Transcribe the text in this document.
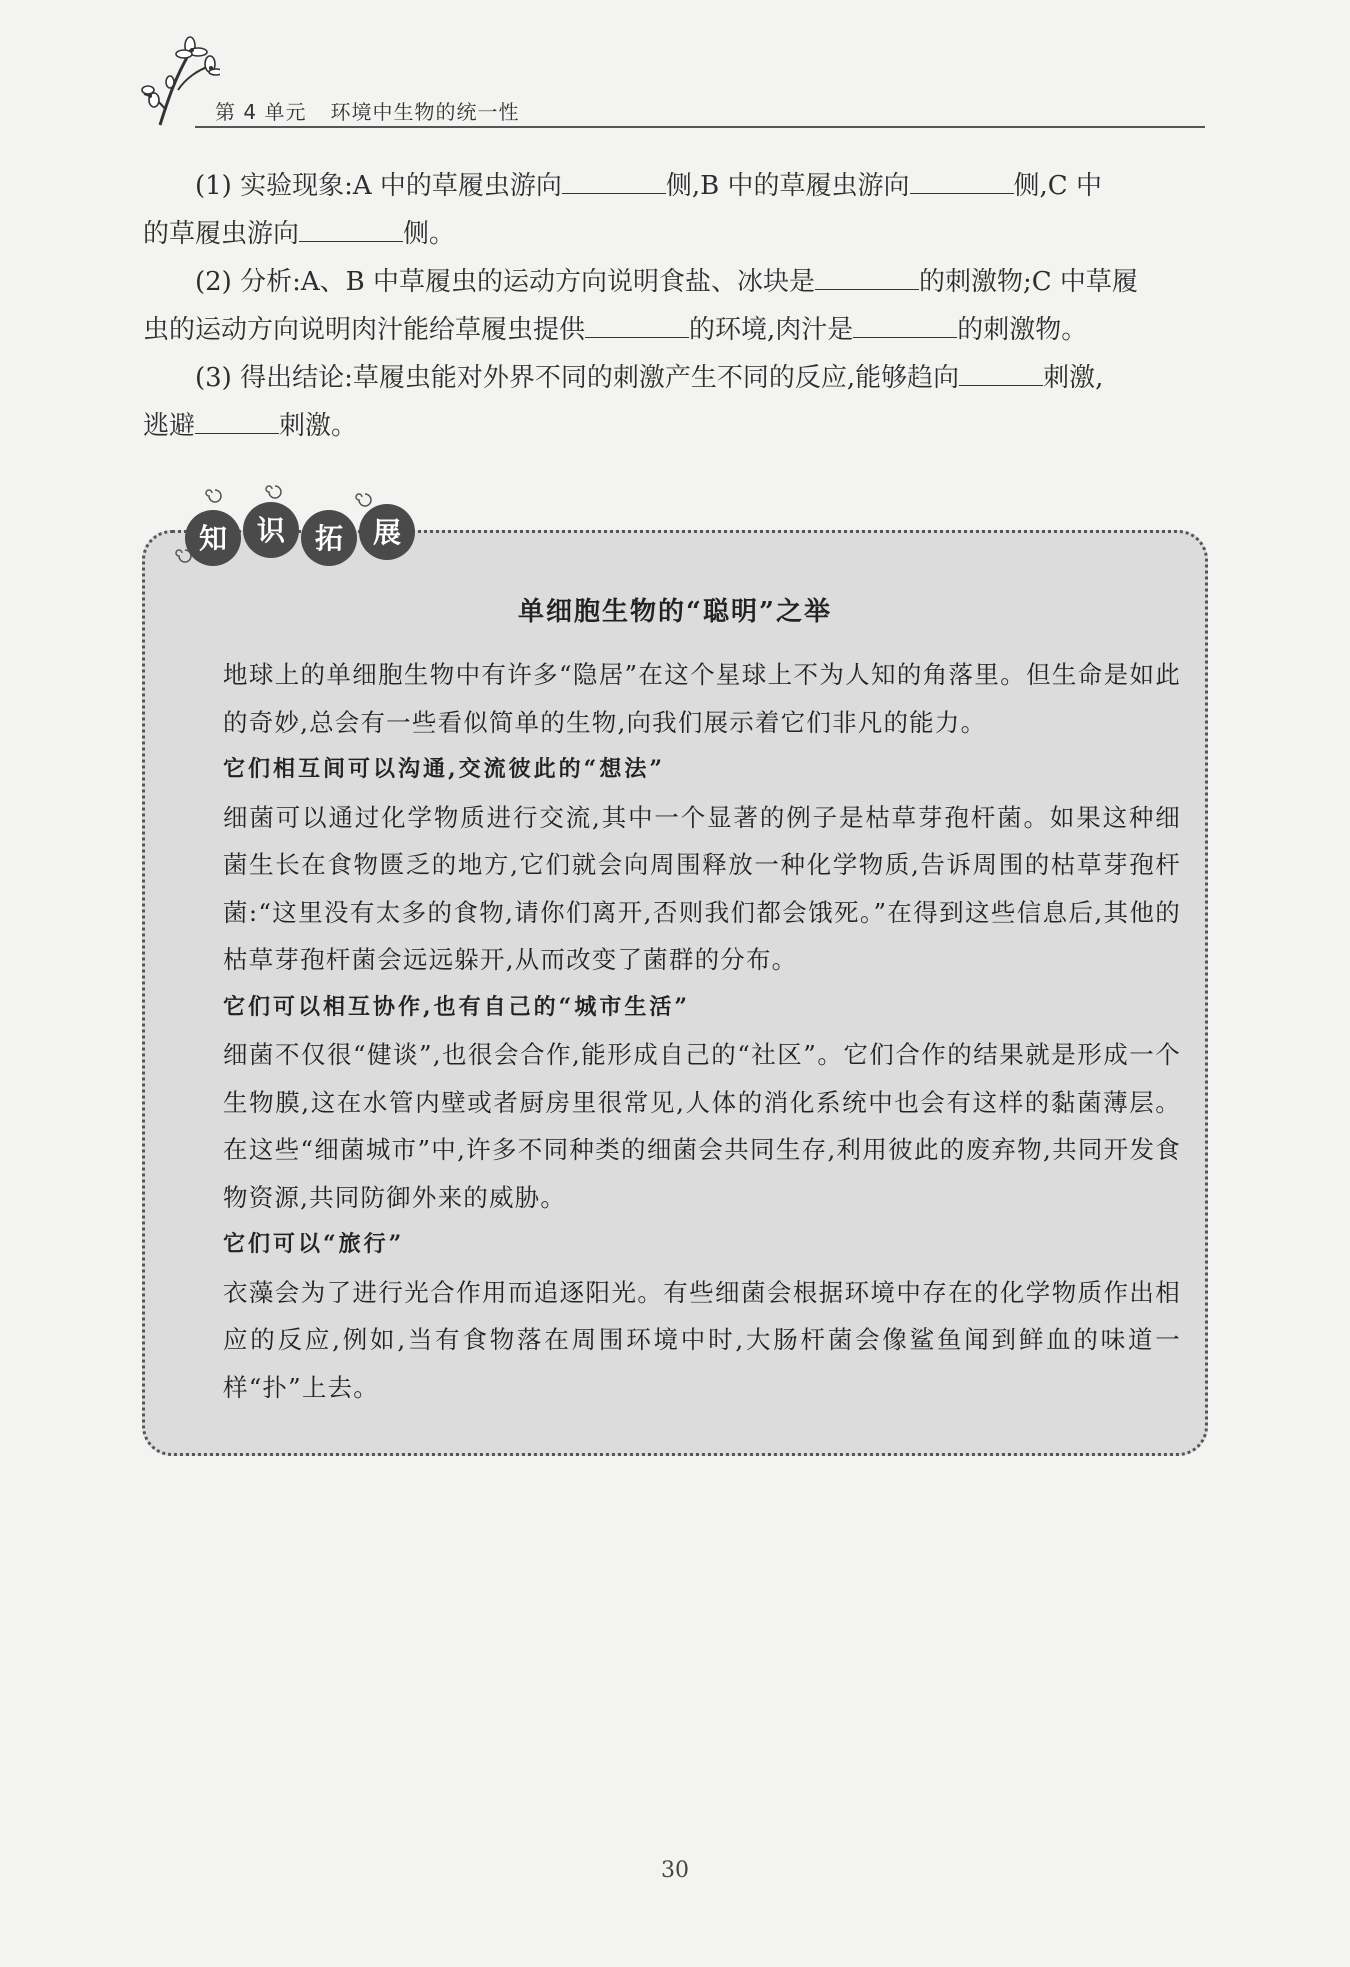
第 4 单元 环境中生物的统一性

(1) 实验现象:A 中的草履虫游向	侧,B 中的草履虫游向	侧,C 中

的草履虫游向	侧。

(2) 分析:A、B 中草履虫的运动方向说明食盐、冰块是	的刺激物;C 中草履

虫的运动方向说明肉汁能给草履虫提供	的环境,肉汁是	的刺激物。

(3) 得出结论:草履虫能对外界不同的刺激产生不同的反应,能够趋向	刺激,

逃避	刺激。

单细胞生物的“聪明”之举

地球上的单细胞生物中有许多“隐居”在这个星球上不为人知的角落里。但生命是如此的奇妙,总会有一些看似简单的生物,向我们展示着它们非凡的能力。

它们相互间可以沟通,交流彼此的“想法”

细菌可以通过化学物质进行交流,其中一个显著的例子是枯草芽孢杆菌。如果这种细菌生长在食物匮乏的地方,它们就会向周围释放一种化学物质,告诉周围的枯草芽孢杆菌:“这里没有太多的食物,请你们离开,否则我们都会饿死。”在得到这些信息后,其他的枯草芽孢杆菌会远远躲开,从而改变了菌群的分布。

它们可以相互协作,也有自己的“城市生活”

细菌不仅很“健谈”,也很会合作,能形成自己的“社区”。它们合作的结果就是形成一个生物膜,这在水管内壁或者厨房里很常见,人体的消化系统中也会有这样的黏菌薄层。在这些“细菌城市”中,许多不同种类的细菌会共同生存,利用彼此的废弃物,共同开发食物资源,共同防御外来的威胁。

它们可以“旅行”

衣藻会为了进行光合作用而追逐阳光。有些细菌会根据环境中存在的化学物质作出相应的反应,例如,当有食物落在周围环境中时,大肠杆菌会像鲨鱼闻到鲜血的味道一样“扑”上去。

知 识 拓 展
30
